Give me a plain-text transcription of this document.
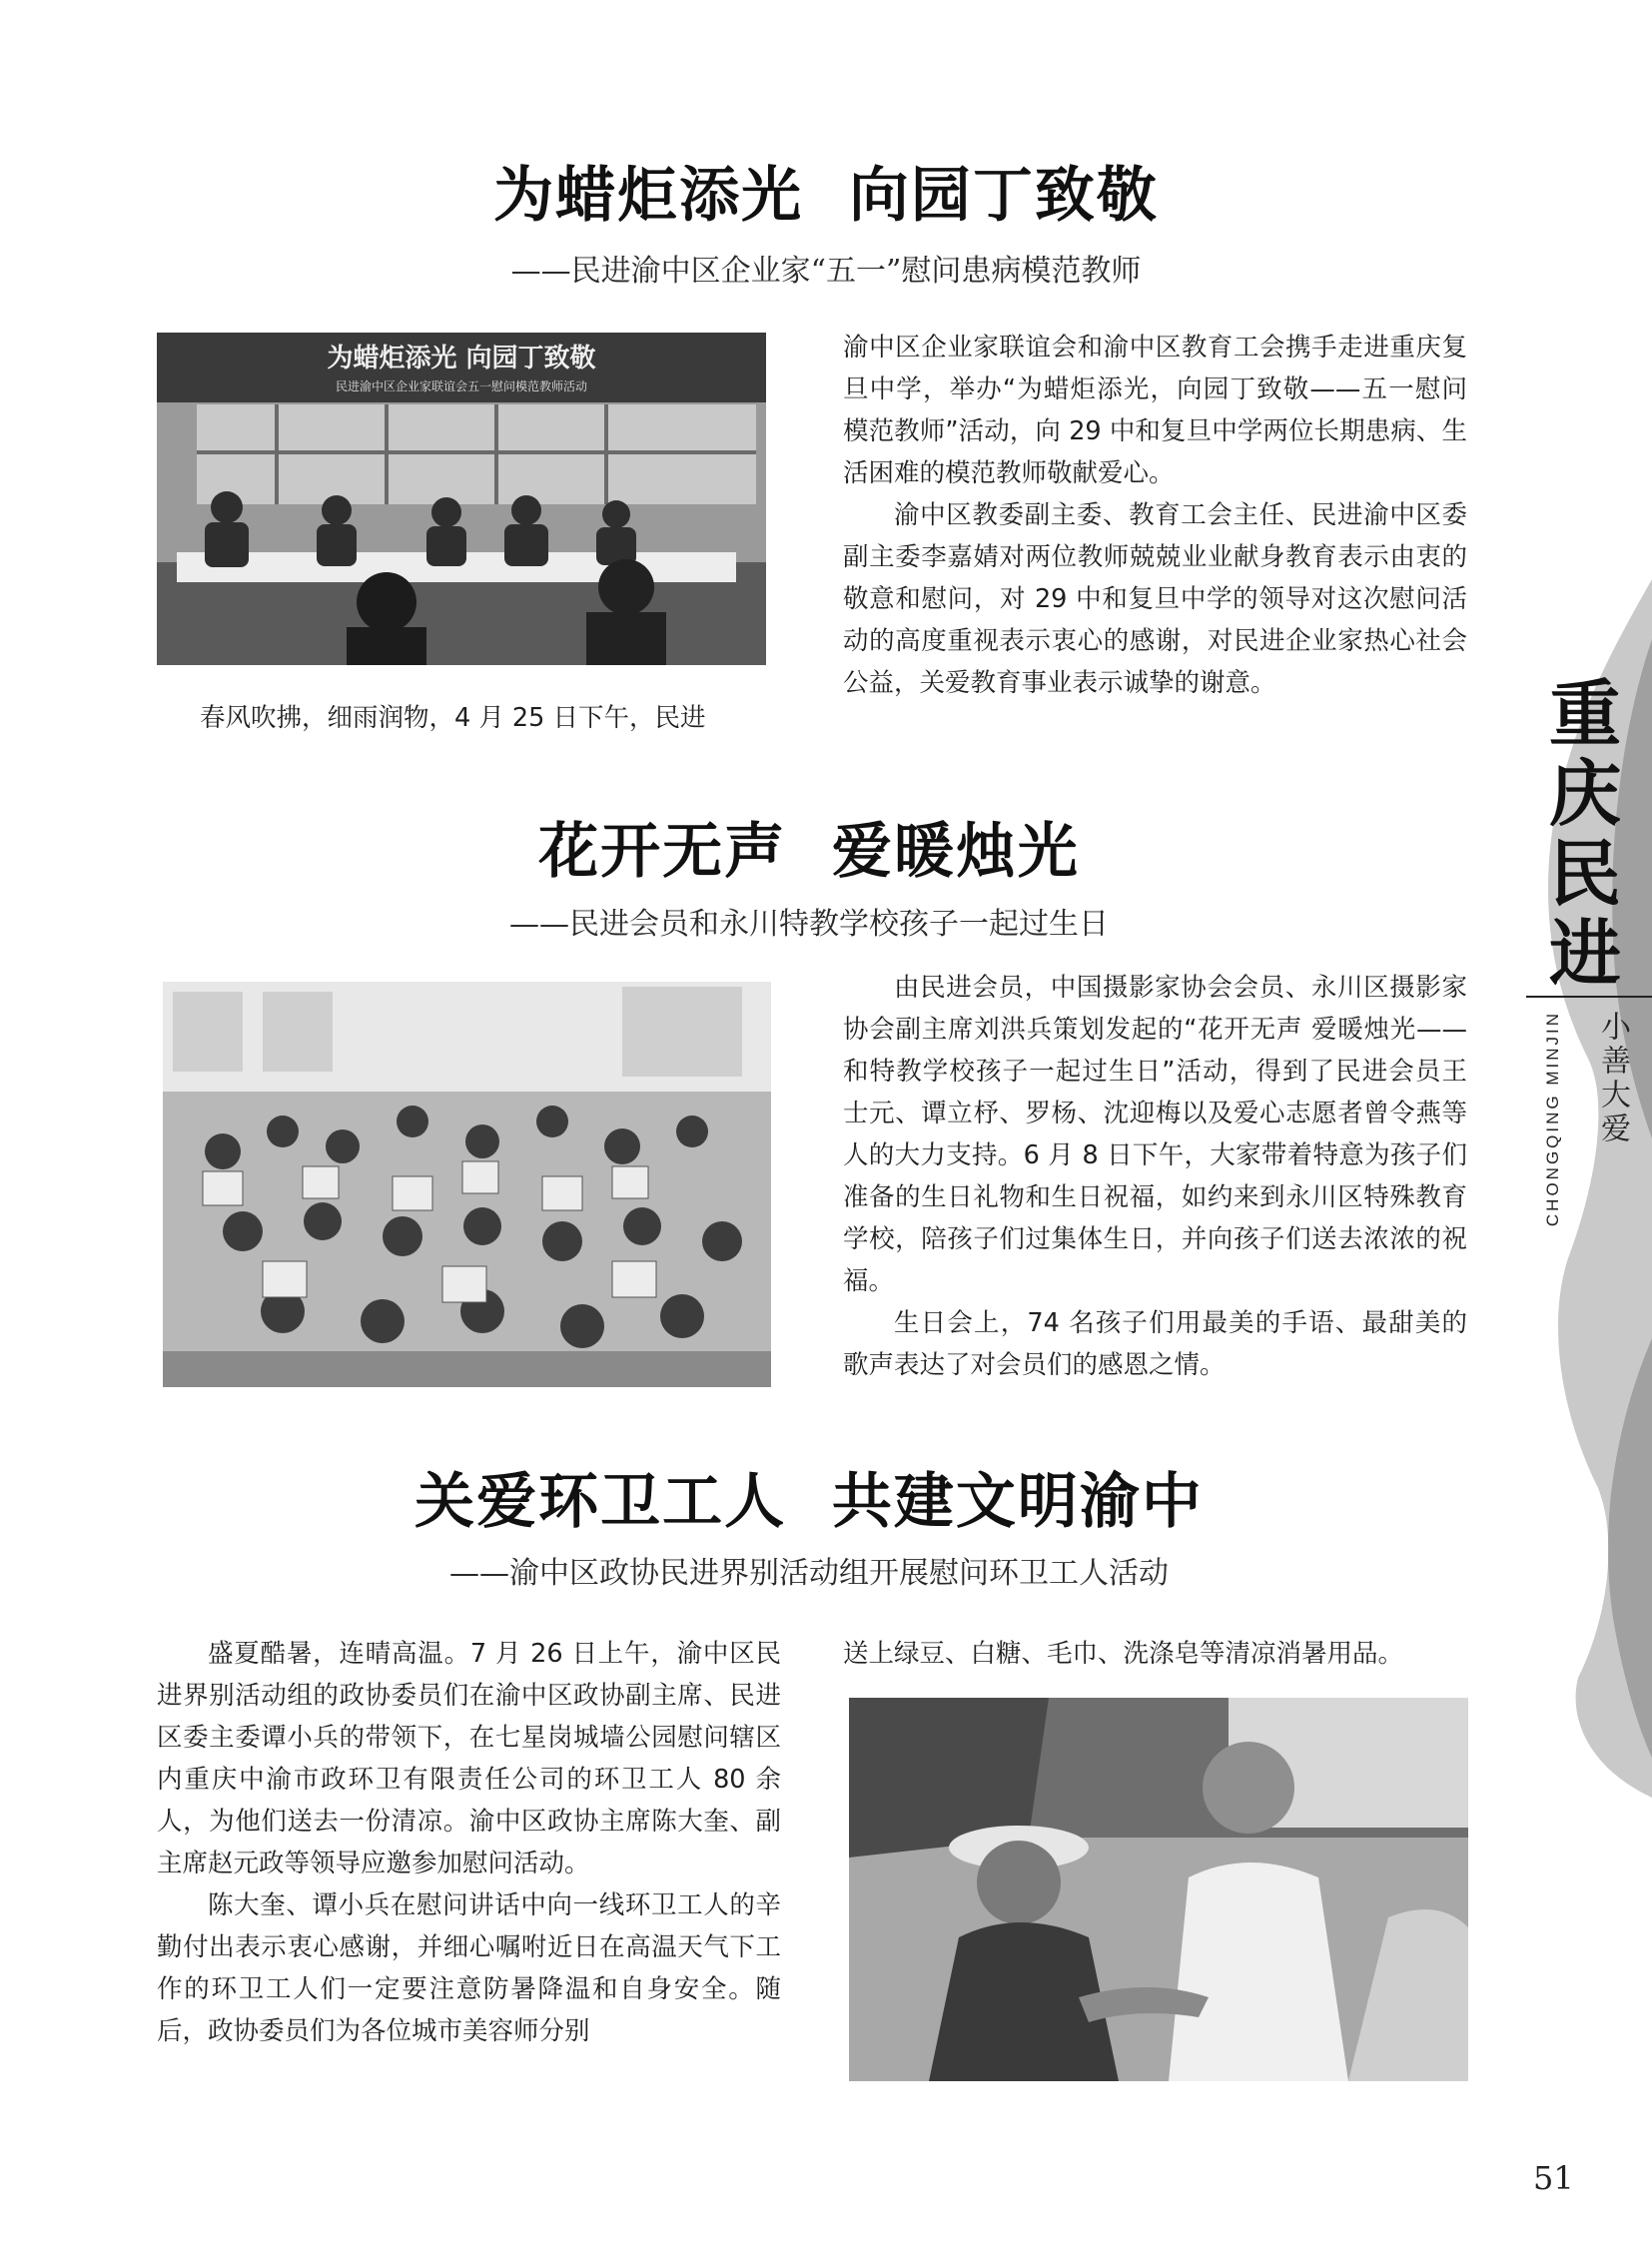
为蜡炬添光  向园丁致敬
——民进渝中区企业家“五一”慰问患病模范教师
为蜡炬添光 向园丁致敬
民进渝中区企业家联谊会五一慰问模范教师活动

春风吹拂，细雨润物，4 月 25 日下午，民进

渝中区企业家联谊会和渝中区教育工会携手走进重庆复旦中学，举办“为蜡炬添光，向园丁致敬——五一慰问模范教师”活动，向 29 中和复旦中学两位长期患病、生活困难的模范教师敬献爱心。

渝中区教委副主委、教育工会主任、民进渝中区委副主委李嘉婧对两位教师兢兢业业献身教育表示由衷的敬意和慰问，对 29 中和复旦中学的领导对这次慰问活动的高度重视表示衷心的感谢，对民进企业家热心社会公益，关爱教育事业表示诚挚的谢意。

花开无声  爱暖烛光
——民进会员和永川特教学校孩子一起过生日

由民进会员，中国摄影家协会会员、永川区摄影家协会副主席刘洪兵策划发起的“花开无声 爱暖烛光——和特教学校孩子一起过生日”活动，得到了民进会员王士元、谭立杼、罗杨、沈迎梅以及爱心志愿者曾令燕等人的大力支持。6 月 8 日下午，大家带着特意为孩子们准备的生日礼物和生日祝福，如约来到永川区特殊教育学校，陪孩子们过集体生日，并向孩子们送去浓浓的祝福。

生日会上，74 名孩子们用最美的手语、最甜美的歌声表达了对会员们的感恩之情。

关爱环卫工人  共建文明渝中
——渝中区政协民进界别活动组开展慰问环卫工人活动

盛夏酷暑，连晴高温。7 月 26 日上午，渝中区民进界别活动组的政协委员们在渝中区政协副主席、民进区委主委谭小兵的带领下，在七星岗城墙公园慰问辖区内重庆中渝市政环卫有限责任公司的环卫工人 80 余人，为他们送去一份清凉。渝中区政协主席陈大奎、副主席赵元政等领导应邀参加慰问活动。

陈大奎、谭小兵在慰问讲话中向一线环卫工人的辛勤付出表示衷心感谢，并细心嘱咐近日在高温天气下工作的环卫工人们一定要注意防暑降温和自身安全。随后，政协委员们为各位城市美容师分别

送上绿豆、白糖、毛巾、洗涤皂等清凉消暑用品。

重
庆
民
进
小善大爱
CHONGQING MINJIN
51
